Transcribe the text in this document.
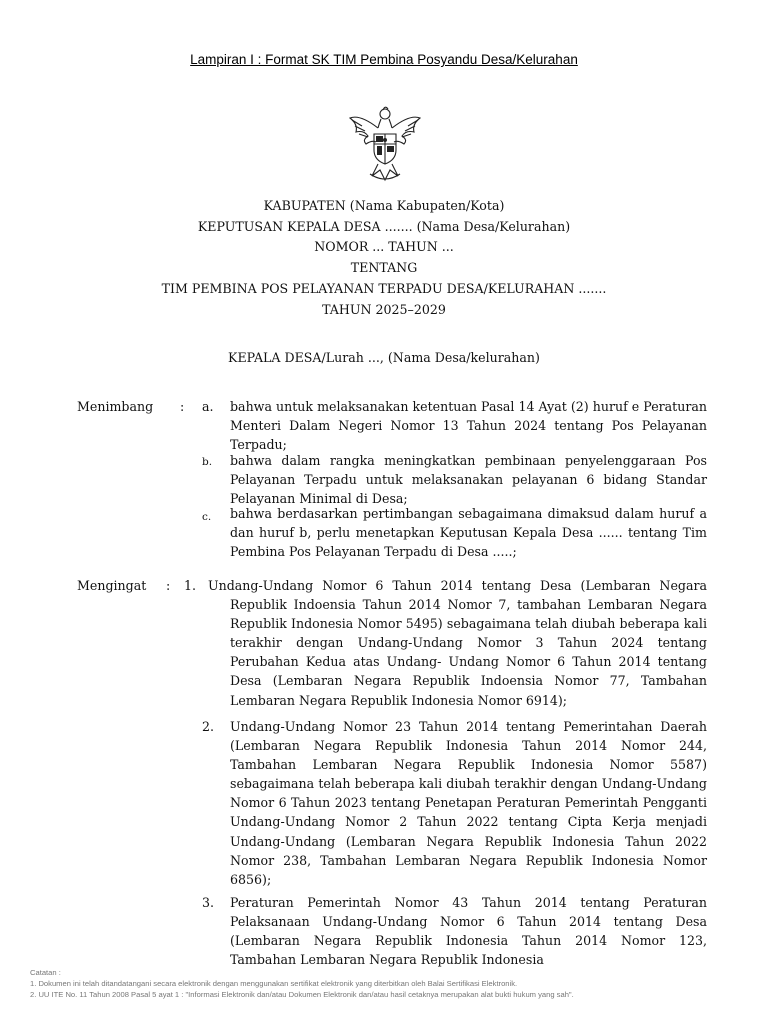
Lampiran I : Format SK TIM Pembina Posyandu Desa/Kelurahan
KABUPATEN (Nama Kabupaten/Kota)
KEPUTUSAN KEPALA DESA ....... (Nama Desa/Kelurahan)
NOMOR ... TAHUN ...
TENTANG
TIM PEMBINA POS PELAYANAN TERPADU DESA/KELURAHAN .......
TAHUN 2025–2029
KEPALA DESA/Lurah ..., (Nama Desa/kelurahan)
Menimbang : a. bahwa untuk melaksanakan ketentuan Pasal 14 Ayat (2) huruf e Peraturan Menteri Dalam Negeri Nomor 13 Tahun 2024 tentang Pos Pelayanan Terpadu;
b. bahwa dalam rangka meningkatkan pembinaan penyelenggaraan Pos Pelayanan Terpadu untuk melaksanakan pelayanan 6 bidang Standar Pelayanan Minimal di Desa;
c. bahwa berdasarkan pertimbangan sebagaimana dimaksud dalam huruf a dan huruf b, perlu menetapkan Keputusan Kepala Desa ...... tentang Tim Pembina Pos Pelayanan Terpadu di Desa .....;
Mengingat : 1. Undang-Undang Nomor 6 Tahun 2014 tentang Desa (Lembaran Negara Republik Indoensia Tahun 2014 Nomor 7, tambahan Lembaran Negara Republik Indonesia Nomor 5495) sebagaimana telah diubah beberapa kali terakhir dengan Undang-Undang Nomor 3 Tahun 2024 tentang Perubahan Kedua atas Undang- Undang Nomor 6 Tahun 2014 tentang Desa (Lembaran Negara Republik Indoensia Nomor 77, Tambahan Lembaran Negara Republik Indonesia Nomor 6914);
2. Undang-Undang Nomor 23 Tahun 2014 tentang Pemerintahan Daerah (Lembaran Negara Republik Indonesia Tahun 2014 Nomor 244, Tambahan Lembaran Negara Republik Indonesia Nomor 5587) sebagaimana telah beberapa kali diubah terakhir dengan Undang-Undang Nomor 6 Tahun 2023 tentang Penetapan Peraturan Pemerintah Pengganti Undang-Undang Nomor 2 Tahun 2022 tentang Cipta Kerja menjadi Undang-Undang (Lembaran Negara Republik Indonesia Tahun 2022 Nomor 238, Tambahan Lembaran Negara Republik Indonesia Nomor 6856);
3. Peraturan Pemerintah Nomor 43 Tahun 2014 tentang Peraturan Pelaksanaan Undang-Undang Nomor 6 Tahun 2014 tentang Desa (Lembaran Negara Republik Indonesia Tahun 2014 Nomor 123, Tambahan Lembaran Negara Republik Indonesia
Catatan :
1. Dokumen ini telah ditandatangani secara elektronik dengan menggunakan sertifikat elektronik yang diterbitkan oleh Balai Sertifikasi Elektronik.
2. UU ITE No. 11 Tahun 2008 Pasal 5 ayat 1 : "Informasi Elektronik dan/atau Dokumen Elektronik dan/atau hasil cetaknya merupakan alat bukti hukum yang sah".
